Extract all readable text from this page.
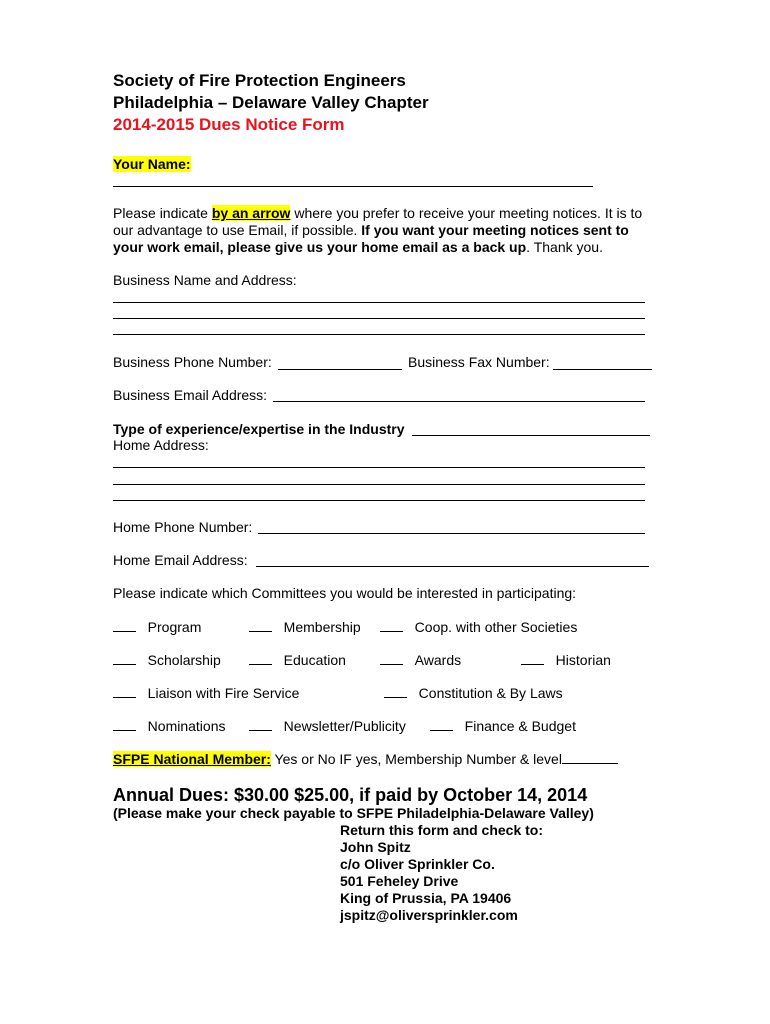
Society of Fire Protection Engineers
Philadelphia – Delaware Valley Chapter
2014-2015 Dues Notice Form
Your Name:
Please indicate by an arrow where you prefer to receive your meeting notices. It is to our advantage to use Email, if possible. If you want your meeting notices sent to your work email, please give us your home email as a back up. Thank you.
Business Name and Address:
Business Phone Number:	Business Fax Number:
Business Email Address:
Type of experience/expertise in the Industry
Home Address:
Home Phone Number:
Home Email Address:
Please indicate which Committees you would be interested in participating:
Program	Membership	Coop. with other Societies
Scholarship	Education	Awards	Historian
Liaison with Fire Service	Constitution & By Laws
Nominations	Newsletter/Publicity	Finance & Budget
SFPE National Member: Yes or No IF yes, Membership Number & level
Annual Dues: $30.00 $25.00, if paid by October 14, 2014
(Please make your check payable to SFPE Philadelphia-Delaware Valley)
Return this form and check to:
John Spitz
c/o Oliver Sprinkler Co.
501 Feheley Drive
King of Prussia, PA 19406
jspitz@oliversprinkler.com
